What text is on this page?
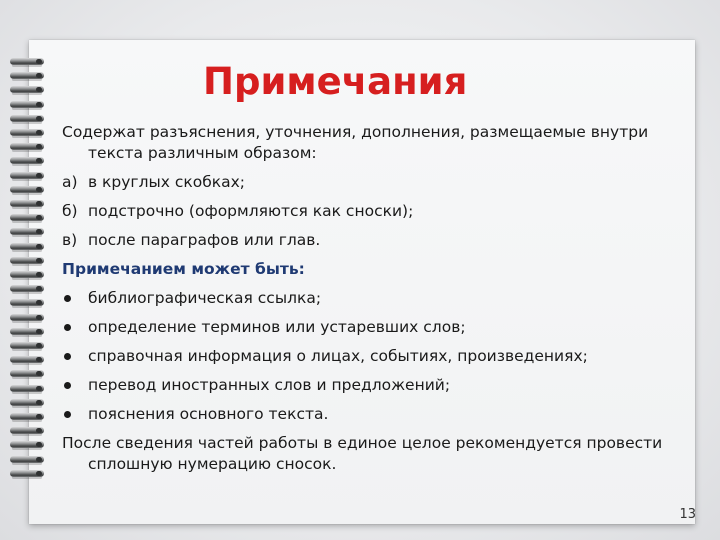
Примечания
Содержат разъяснения, уточнения, дополнения, размещаемые внутри текста различным образом:
а) в круглых скобках;
б) подстрочно (оформляются как сноски);
в) после параграфов или глав.
Примечанием может быть:
библиографическая ссылка;
определение терминов или устаревших слов;
справочная информация о лицах, событиях, произведениях;
перевод иностранных слов и предложений;
пояснения основного текста.
После сведения частей работы в единое целое рекомендуется провести сплошную нумерацию сносок.
13
